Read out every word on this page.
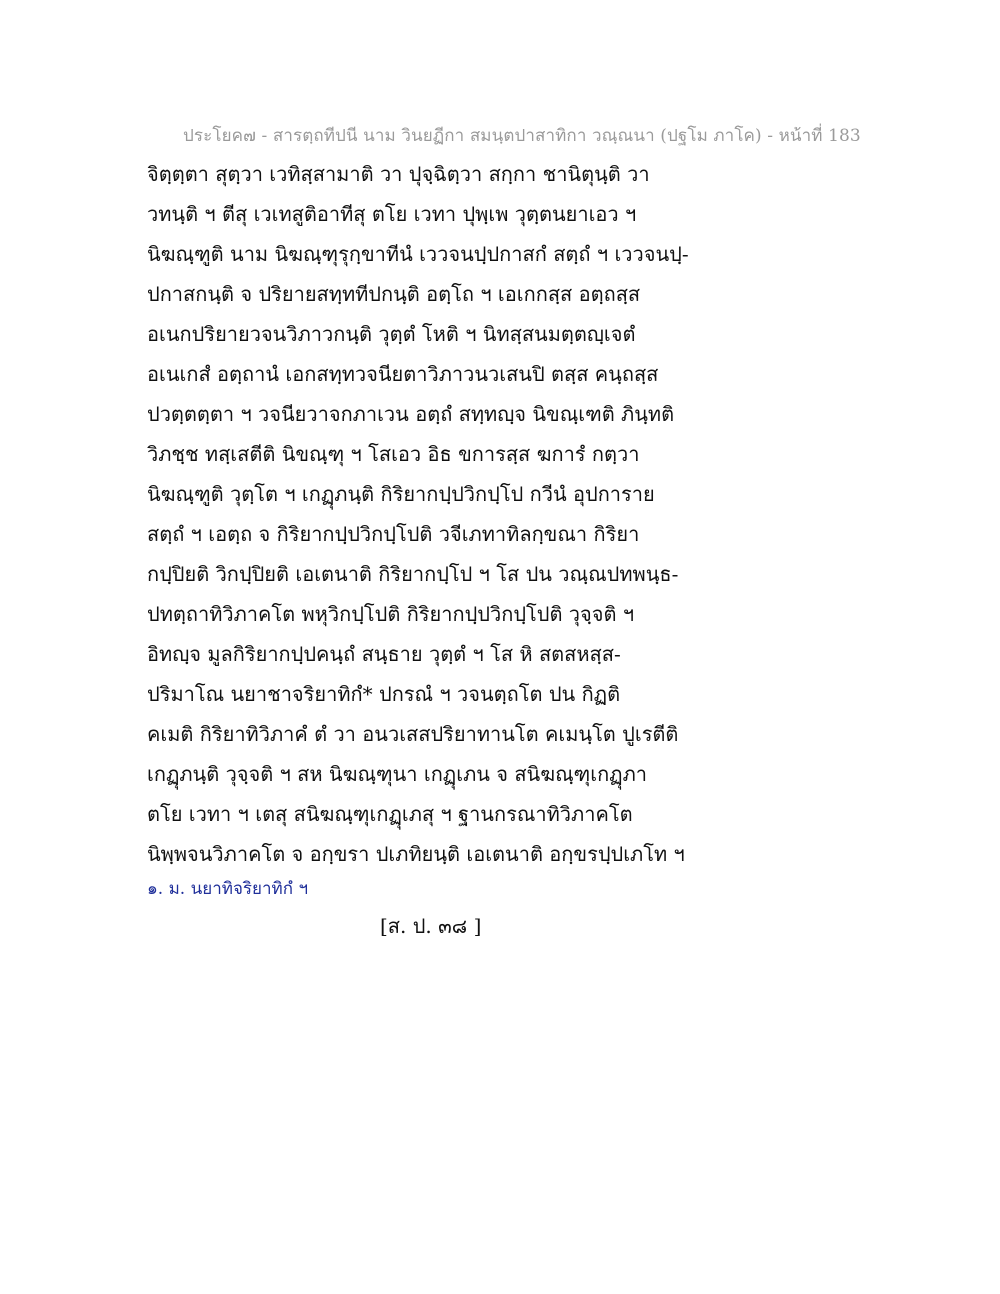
ประโยค๗ - สารตฺถทีปนี นาม วินยฏีกา สมนฺตปาสาทิกา วณฺณนา (ปฐโม ภาโค) - หน้าที่ 183
จิตฺตฺตา สุตฺวา เวทิสฺสามาติ วา ปุจฺฉิตฺวา สกฺกา ชานิตุนฺติ วา
วทนฺติ ฯ ตีสุ เวเทสูติอาทีสุ ตโย เวทา ปุพฺเพ วุตฺตนยาเอว ฯ
นิฆณฺฑูติ นาม นิฆณฺฑุรุกฺขาทีนํ เววจนปฺปกาสกํ สตฺถํ ฯ เววจนปฺ-
ปกาสกนฺติ จ ปริยายสทฺททีปกนฺติ อตฺโถ ฯ เอเกกสฺส อตฺถสฺส
อเนกปริยายวจนวิภาวกนฺติ วุตฺตํ โหติ ฯ นิทสฺสนมตฺตญฺเจตํ
อเนเกสํ อตฺถานํ เอกสทฺทวจนียตาวิภาวนวเสนปิ ตสฺส คนฺถสฺส
ปวตฺตตฺตา ฯ วจนียวาจกภาเวน อตฺถํ สทฺทญฺจ นิขณฺเฑติ ภินฺทติ
วิภชฺช ทสฺเสตีติ นิขณฺฑุ ฯ โสเอว อิธ ขการสฺส ฆการํ กตฺวา
นิฆณฺฑูติ วุตฺโต ฯ เกฏุภนฺติ กิริยากปฺปวิกปฺโป กวีนํ อุปการาย
สตฺถํ ฯ เอตฺถ จ กิริยากปฺปวิกปฺโปติ วจีเภทาทิลกฺขณา กิริยา
กปฺปิยติ วิกปฺปิยติ เอเตนาติ กิริยากปฺโป ฯ โส ปน วณฺณปทพนฺธ-
ปทตฺถาทิวิภาคโต พหุวิกปฺโปติ กิริยากปฺปวิกปฺโปติ วุจฺจติ ฯ
อิทญฺจ มูลกิริยากปฺปคนฺถํ สนฺธาย วุตฺตํ ฯ โส หิ สตสหสฺส-
ปริมาโณ นยาชาจริยาทิกํ* ปกรณํ ฯ วจนตฺถโต ปน กิฏติ
คเมติ กิริยาทิวิภาคํ ตํ วา อนวเสสปริยาทานโต คเมนฺโต ปูเรตีติ
เกฏุภนฺติ วุจฺจติ ฯ สห นิฆณฺฑุนา เกฏุเภน จ สนิฆณฺฑุเกฏุภา
ตโย เวทา ฯ เตสุ สนิฆณฺฑุเกฏุเภสุ ฯ ฐานกรณาทิวิภาคโต
นิพฺพจนวิภาคโต จ อกฺขรา ปเภทิยนฺติ เอเตนาติ อกฺขรปฺปเภโท ฯ
๑. ม. นยาทิจริยาทิกํ ฯ
[ส. ป. ๓๘ ]
